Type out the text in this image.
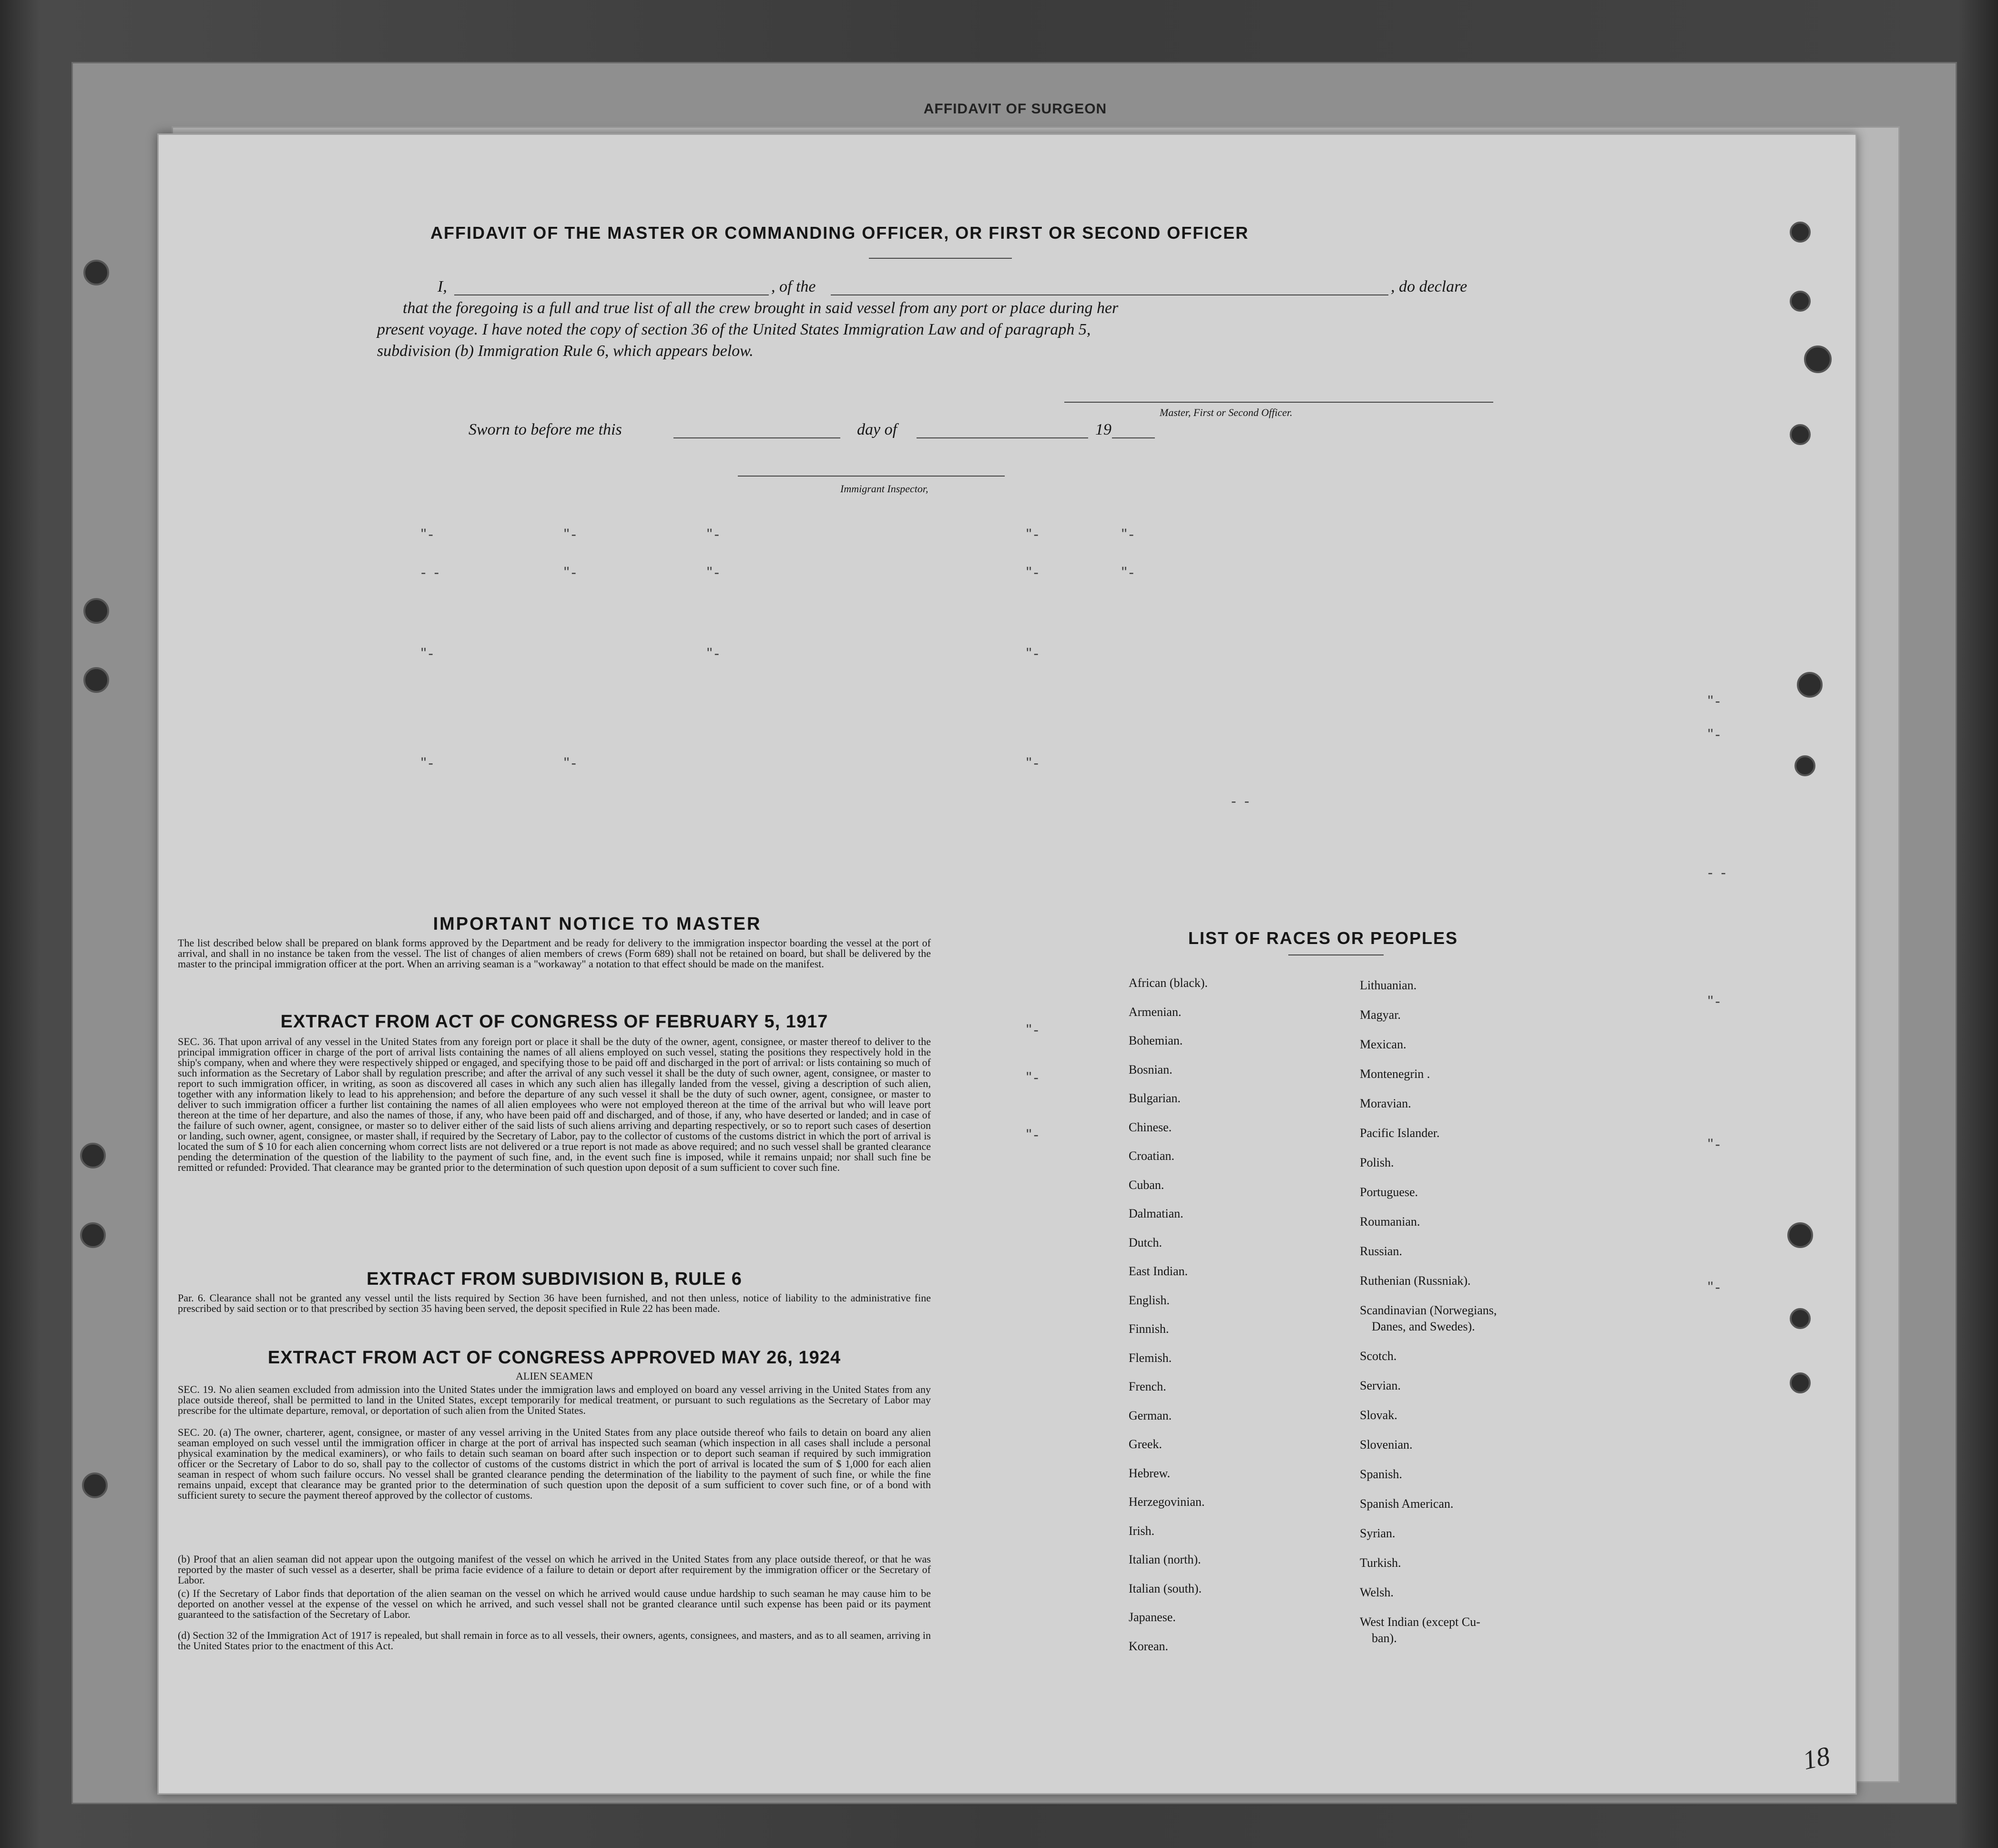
AFFIDAVIT OF SURGEON
AFFIDAVIT OF THE MASTER OR COMMANDING OFFICER, OR FIRST OR SECOND OFFICER
I,	, of the	, do declare
that the foregoing is a full and true list of all the crew brought in said vessel from any port or place during her
present voyage. I have noted the copy of section 36 of the United States Immigration Law and of paragraph 5,
subdivision (b) Immigration Rule 6, which appears below.
Master, First or Second Officer.
Sworn to before me this	day of	19
Immigrant Inspector,
"-	"-	"-	"-	"-
- -	"-	"-	"-	"-
"-	"-	"-
"-	"-	"-
- -
"-
"-
- -
"-
"-
"-
"-
"-
"-
IMPORTANT NOTICE TO MASTER
The list described below shall be prepared on blank forms approved by the Department and be ready for delivery to the immigration inspector boarding the vessel at the port of arrival, and shall in no instance be taken from the vessel. The list of changes of alien members of crews (Form 689) shall not be retained on board, but shall be delivered by the master to the principal immigration officer at the port. When an arriving seaman is a "workaway" a notation to that effect should be made on the manifest.
EXTRACT FROM ACT OF CONGRESS OF FEBRUARY 5, 1917
SEC. 36. That upon arrival of any vessel in the United States from any foreign port or place it shall be the duty of the owner, agent, consignee, or master thereof to deliver to the principal immigration officer in charge of the port of arrival lists containing the names of all aliens employed on such vessel, stating the positions they respectively hold in the ship's company, when and where they were respectively shipped or engaged, and specifying those to be paid off and discharged in the port of arrival: or lists containing so much of such information as the Secretary of Labor shall by regulation prescribe; and after the arrival of any such vessel it shall be the duty of such owner, agent, consignee, or master to report to such immigration officer, in writing, as soon as discovered all cases in which any such alien has illegally landed from the vessel, giving a description of such alien, together with any information likely to lead to his apprehension; and before the departure of any such vessel it shall be the duty of such owner, agent, consignee, or master to deliver to such immigration officer a further list containing the names of all alien employees who were not employed thereon at the time of the arrival but who will leave port thereon at the time of her departure, and also the names of those, if any, who have been paid off and discharged, and of those, if any, who have deserted or landed; and in case of the failure of such owner, agent, consignee, or master so to deliver either of the said lists of such aliens arriving and departing respectively, or so to report such cases of desertion or landing, such owner, agent, consignee, or master shall, if required by the Secretary of Labor, pay to the collector of customs of the customs district in which the port of arrival is located the sum of $ 10 for each alien concerning whom correct lists are not delivered or a true report is not made as above required; and no such vessel shall be granted clearance pending the determination of the question of the liability to the payment of such fine, and, in the event such fine is imposed, while it remains unpaid; nor shall such fine be remitted or refunded: Provided. That clearance may be granted prior to the determination of such question upon deposit of a sum sufficient to cover such fine.
EXTRACT FROM SUBDIVISION B, RULE 6
Par. 6. Clearance shall not be granted any vessel until the lists required by Section 36 have been furnished, and not then unless, notice of liability to the administrative fine prescribed by said section or to that prescribed by section 35 having been served, the deposit specified in Rule 22 has been made.
EXTRACT FROM ACT OF CONGRESS APPROVED MAY 26, 1924
ALIEN SEAMEN
SEC. 19. No alien seamen excluded from admission into the United States under the immigration laws and employed on board any vessel arriving in the United States from any place outside thereof, shall be permitted to land in the United States, except temporarily for medical treatment, or pursuant to such regulations as the Secretary of Labor may prescribe for the ultimate departure, removal, or deportation of such alien from the United States.
SEC. 20. (a) The owner, charterer, agent, consignee, or master of any vessel arriving in the United States from any place outside thereof who fails to detain on board any alien seaman employed on such vessel until the immigration officer in charge at the port of arrival has inspected such seaman (which inspection in all cases shall include a personal physical examination by the medical examiners), or who fails to detain such seaman on board after such inspection or to deport such seaman if required by such immigration officer or the Secretary of Labor to do so, shall pay to the collector of customs of the customs district in which the port of arrival is located the sum of $ 1,000 for each alien seaman in respect of whom such failure occurs. No vessel shall be granted clearance pending the determination of the liability to the payment of such fine, or while the fine remains unpaid, except that clearance may be granted prior to the determination of such question upon the deposit of a sum sufficient to cover such fine, or of a bond with sufficient surety to secure the payment thereof approved by the collector of customs.
(b) Proof that an alien seaman did not appear upon the outgoing manifest of the vessel on which he arrived in the United States from any place outside thereof, or that he was reported by the master of such vessel as a deserter, shall be prima facie evidence of a failure to detain or deport after requirement by the immigration officer or the Secretary of Labor.
(c) If the Secretary of Labor finds that deportation of the alien seaman on the vessel on which he arrived would cause undue hardship to such seaman he may cause him to be deported on another vessel at the expense of the vessel on which he arrived, and such vessel shall not be granted clearance until such expense has been paid or its payment guaranteed to the satisfaction of the Secretary of Labor.
(d) Section 32 of the Immigration Act of 1917 is repealed, but shall remain in force as to all vessels, their owners, agents, consignees, and masters, and as to all seamen, arriving in the United States prior to the enactment of this Act.
LIST OF RACES OR PEOPLES
18
African (black).
Armenian.
Bohemian.
Bosnian.
Bulgarian.
Chinese.
Croatian.
Cuban.
Dalmatian.
Dutch.
East Indian.
English.
Finnish.
Flemish.
French.
German.
Greek.
Hebrew.
Herzegovinian.
Irish.
Italian (north).
Italian (south).
Japanese.
Korean.
Lithuanian.
Magyar.
Mexican.
Montenegrin .
Moravian.
Pacific Islander.
Polish.
Portuguese.
Roumanian.
Russian.
Ruthenian (Russniak).
Scandinavian (Norwegians,
Danes, and Swedes).
Scotch.
Servian.
Slovak.
Slovenian.
Spanish.
Spanish American.
Syrian.
Turkish.
Welsh.
West Indian (except Cu-
ban).
